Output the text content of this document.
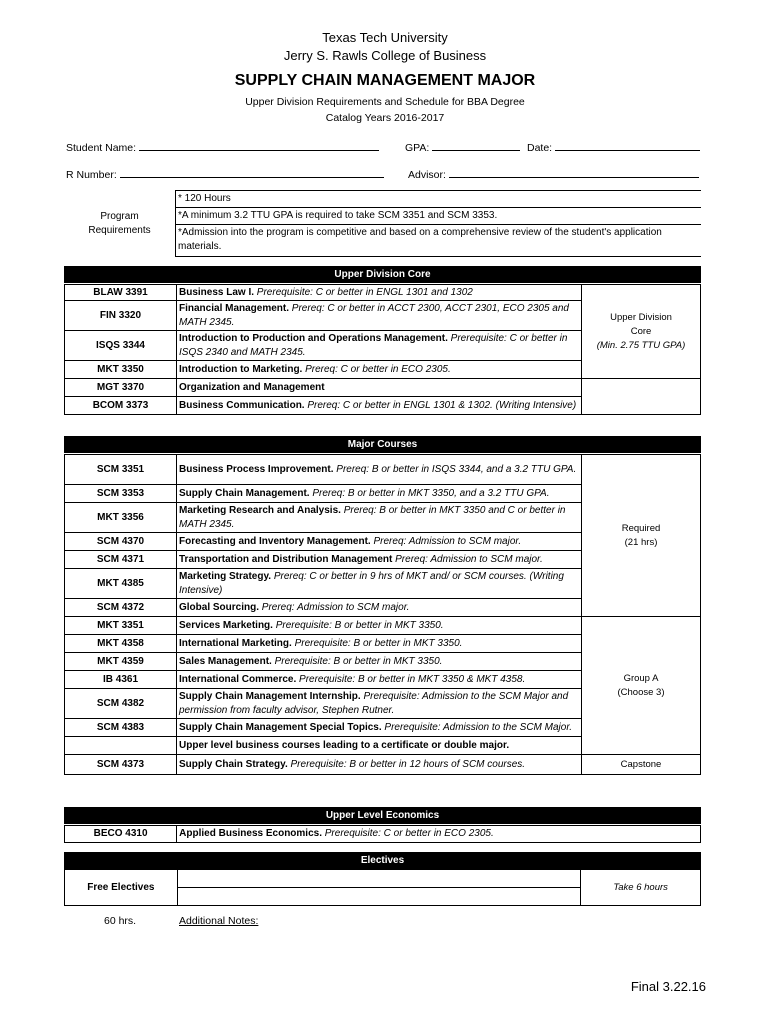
Texas Tech University
Jerry S. Rawls College of Business
SUPPLY CHAIN MANAGEMENT MAJOR
Upper Division Requirements and Schedule for BBA Degree
Catalog Years 2016-2017
Student Name:	GPA:	Date:
R Number:	Advisor:
Program
Requirements	* 120 Hours
*A minimum 3.2 TTU GPA is required to take SCM 3351 and SCM 3353.
*Admission into the program is competitive and based on a comprehensive review of the student's application materials.
Upper Division Core
BLAW 3391	Business Law I. Prerequisite: C or better in ENGL 1301 and 1302	Upper Division
Core
(Min. 2.75 TTU GPA)
FIN 3320	Financial Management. Prereq: C or better in ACCT 2300, ACCT 2301, ECO 2305 and MATH 2345.	
ISQS 3344	Introduction to Production and Operations Management. Prerequisite: C or better in ISQS 2340 and MATH 2345.	
MKT 3350	Introduction to Marketing. Prereq: C or better in ECO 2305.	
MGT 3370	Organization and Management	
BCOM 3373	Business Communication. Prereq: C or better in ENGL 1301 & 1302. (Writing Intensive)	
Major Courses
SCM 3351	Business Process Improvement. Prereq: B or better in ISQS 3344, and a 3.2 TTU GPA.	Required
(21 hrs)
SCM 3353	Supply Chain Management. Prereq: B or better in MKT 3350, and a 3.2 TTU GPA.	
MKT 3356	Marketing Research and Analysis. Prereq: B or better in MKT 3350 and C or better in MATH 2345.	
SCM 4370	Forecasting and Inventory Management. Prereq: Admission to SCM major.	
SCM 4371	Transportation and Distribution Management Prereq: Admission to SCM major.	
MKT 4385	Marketing Strategy. Prereq: C or better in 9 hrs of MKT and/ or SCM courses. (Writing Intensive)	
SCM 4372	Global Sourcing. Prereq: Admission to SCM major.	
MKT 3351	Services Marketing. Prerequisite: B or better in MKT 3350.	Group A
(Choose 3)
MKT 4358	International Marketing. Prerequisite: B or better in MKT 3350.	
MKT 4359	Sales Management. Prerequisite: B or better in MKT 3350.	
IB 4361	International Commerce. Prerequisite: B or better in MKT 3350 & MKT 4358.	
SCM 4382	Supply Chain Management Internship. Prerequisite: Admission to the SCM Major and permission from faculty advisor, Stephen Rutner.	
SCM 4383	Supply Chain Management Special Topics. Prerequisite: Admission to the SCM Major.	
	Upper level business courses leading to a certificate or double major.	
SCM 4373	Supply Chain Strategy. Prerequisite: B or better in 12 hours of SCM courses.	Capstone
Upper Level Economics
BECO 4310	Applied Business Economics. Prerequisite: C or better in ECO 2305.
Electives
Free Electives		Take 6 hours
60 hrs.	Additional Notes:
Final 3.22.16
